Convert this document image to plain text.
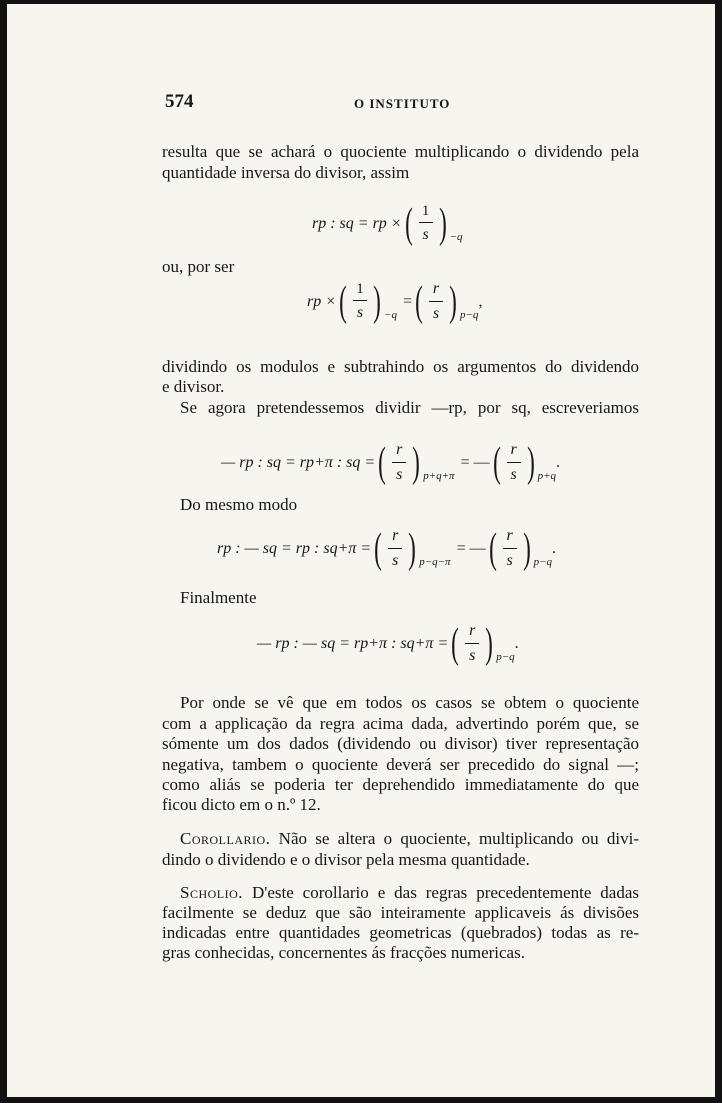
574	O INSTITUTO

resulta que se achará o quociente multiplicando o dividendo pela

quantidade inversa do divisor, assim

rp : sq = rp × ( $\frac{1}{s}$ ) −q

ou, por ser

rp × ( $\frac{1}{s}$ ) −q
= ( $\frac{r}{s}$ ) p−q
,

dividindo os modulos e subtrahindo os argumentos do dividendo

e divisor.

Se agora pretendessemos dividir —rp, por sq, escreveriamos

— rp : sq = rp+π : sq = ( $\frac{r}{s}$ ) p+q+π
= — ( $\frac{r}{s}$ ) p+q
.

Do mesmo modo

rp : — sq = rp : sq+π = ( $\frac{r}{s}$ ) p−q−π
= — ( $\frac{r}{s}$ ) p−q
.

Finalmente

— rp : — sq = rp+π : sq+π = ( $\frac{r}{s}$ ) p−q
.

Por onde se vê que em todos os casos se obtem o quociente

com a applicação da regra acima dada, advertindo porém que, se

sómente um dos dados (dividendo ou divisor) tiver representação

negativa, tambem o quociente deverá ser precedido do signal —;

como aliás se poderia ter deprehendido immediatamente do que

ficou dicto em o n.º 12.

Corollario. Não se altera o quociente, multiplicando ou divi-

dindo o dividendo e o divisor pela mesma quantidade.

Scholio. D'este corollario e das regras precedentemente dadas

facilmente se deduz que são inteiramente applicaveis ás divisões

indicadas entre quantidades geometricas (quebrados) todas as re-

gras conhecidas, concernentes ás fracções numericas.
